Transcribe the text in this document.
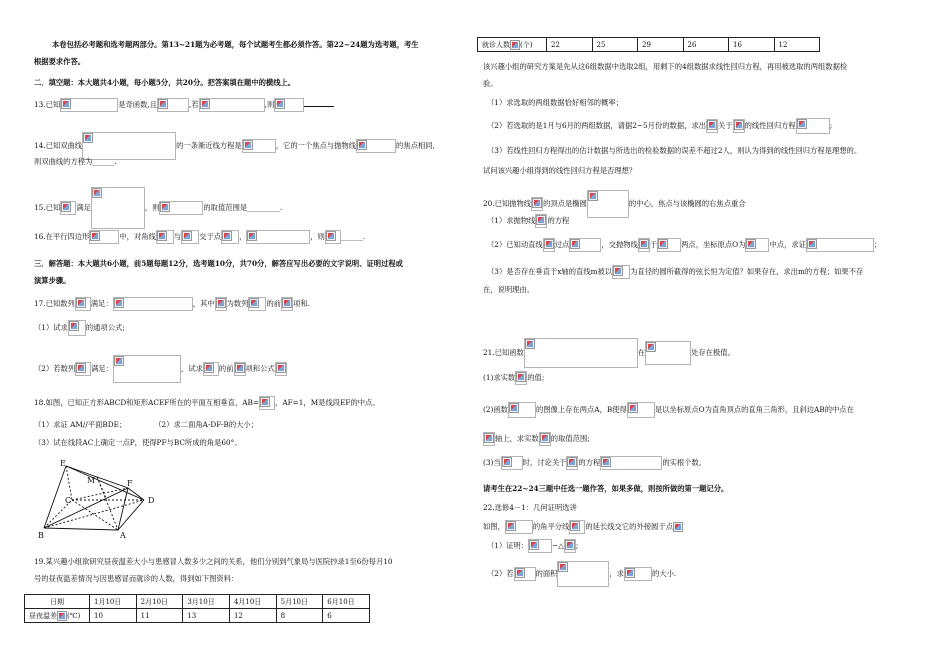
本卷包括必考题和选考题两部分。第13~21题为必考题，每个试题考生都必须作答。第22~24题为选考题，考生
根据要求作答。
二．填空题：本大题共4小题，每小题5分，共20分。把答案填在题中的横线上。
13.已知	是奇函数,且	,若	,则
14.已知双曲线	的一条渐近线方程是	，它的一个焦点与抛物线	的焦点相同,
则双曲线的方程为______.
15.已知 满足	，则	的取值范围是_________.
16.在平行四边形	中，对角线 与 交于点 ，	，则 ______.
三．解答题：本大题共6小题，前5题每题12分，选考题10分，共70分，解答应写出必要的文字说明、证明过程或
演算步骤。
17.已知数列 满足：	，其中 为数列 的前 项和.
（1）试求 的通项公式;
（2）若数列 满足：	，试求 的前 项和公式
18.如图，已知正方形ABCD和矩形ACEF所在的平面互相垂直，AB= ，AF=1，M是线段EF的中点。
（1）求证 AM//平面BDE；	（2）求二面角A-DF-B的大小；
（3）试在线段AC上确定一点P，使得PF与BC所成的角是60°。
E
M	F
C	D
B	A
19.某兴趣小组欲研究昼夜温差大小与患感冒人数多少之间的关系，他们分别到气象局与医院抄录1至6份每月10
号的昼夜温差情况与因患感冒而就诊的人数，得到如下图资料：
日期	1月10日	2月10日	3月10日	4月10日	5月10日	6月10日
昼夜温差 (℃)	10	11	13	12	8	6
就诊人数 (个)	22	25	29	26	16	12
该兴趣小组的研究方案是先从这6组数据中选取2组，用剩下的4组数据求线性回归方程，再用被选取的两组数据检
验。
（1）求选取的两组数据恰好相邻的概率；
（2）若选取的是1月与6月的两组数据，请据2~5月份的数据，求出 关于 的线性回归方程	;
（3）若线性回归方程得出的估计数据与所选出的检验数据的误差不超过2人，则认为得到的线性回归方程是理想的。
试问该兴趣小组得到的线性回归方程是否理想？
20.已知抛物线 的顶点是椭圆	的中心，焦点与该椭圆的右焦点重合
（1）求抛物线 的方程
（2）已知动直线 过点	，交抛物线 于	两点，坐标原点O为	中点，求证	；
（3）是否存在垂直于x轴的直线m被以 为直径的圆所截得的弦长恒为定值？如果存在，求出m的方程；如果不存
在，说明理由。
21.已知函数	在	处存在极值。
(1)求实数 的值;
(2)函数	的图像上存在两点A，B使得	是以坐标原点O为直角顶点的直角三角形，且斜边AB的中点在
轴上，求实数 的取值范围;
(3)当	时，讨论关于 的方程	的实根个数。
请考生在22~24三题中任选一题作答，如果多做，则按所做的第一题记分。
22.选修4－1：几何证明选讲
如图，	的角平分线 的延长线交它的外接圆于点
（1）证明：	∽△ ;
（2）若	的面积	，求	的大小.
